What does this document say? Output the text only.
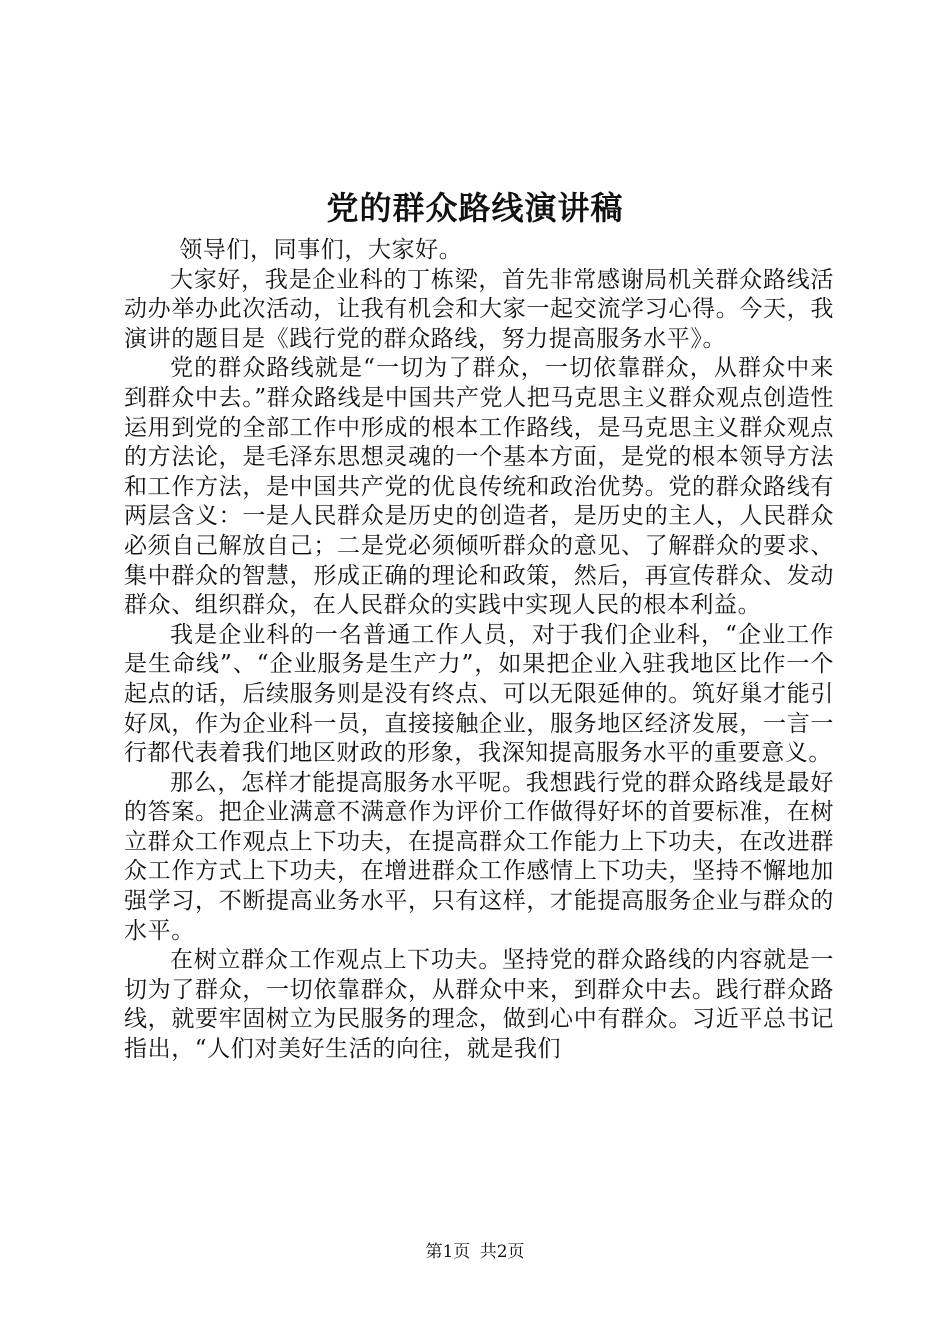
党的群众路线演讲稿

领导们，同事们，大家好。

大家好，我是企业科的丁栋梁，首先非常感谢局机关群众路线活动办举办此次活动，让我有机会和大家一起交流学习心得。今天，我演讲的题目是《践行党的群众路线，努力提高服务水平》。

党的群众路线就是“一切为了群众，一切依靠群众，从群众中来到群众中去。”群众路线是中国共产党人把马克思主义群众观点创造性运用到党的全部工作中形成的根本工作路线，是马克思主义群众观点的方法论，是毛泽东思想灵魂的一个基本方面，是党的根本领导方法和工作方法，是中国共产党的优良传统和政治优势。党的群众路线有两层含义：一是人民群众是历史的创造者，是历史的主人，人民群众必须自己解放自己；二是党必须倾听群众的意见、了解群众的要求、集中群众的智慧，形成正确的理论和政策，然后，再宣传群众、发动群众、组织群众，在人民群众的实践中实现人民的根本利益。

我是企业科的一名普通工作人员，对于我们企业科，“企业工作是生命线”、“企业服务是生产力”，如果把企业入驻我地区比作一个起点的话，后续服务则是没有终点、可以无限延伸的。筑好巢才能引好凤，作为企业科一员，直接接触企业，服务地区经济发展，一言一行都代表着我们地区财政的形象，我深知提高服务水平的重要意义。

那么，怎样才能提高服务水平呢。我想践行党的群众路线是最好的答案。把企业满意不满意作为评价工作做得好坏的首要标准，在树立群众工作观点上下功夫，在提高群众工作能力上下功夫，在改进群众工作方式上下功夫，在增进群众工作感情上下功夫，坚持不懈地加强学习，不断提高业务水平，只有这样，才能提高服务企业与群众的水平。

在树立群众工作观点上下功夫。坚持党的群众路线的内容就是一切为了群众，一切依靠群众，从群众中来，到群众中去。践行群众路线，就要牢固树立为民服务的理念，做到心中有群众。习近平总书记指出，“人们对美好生活的向往，就是我们

第1页 共2页
